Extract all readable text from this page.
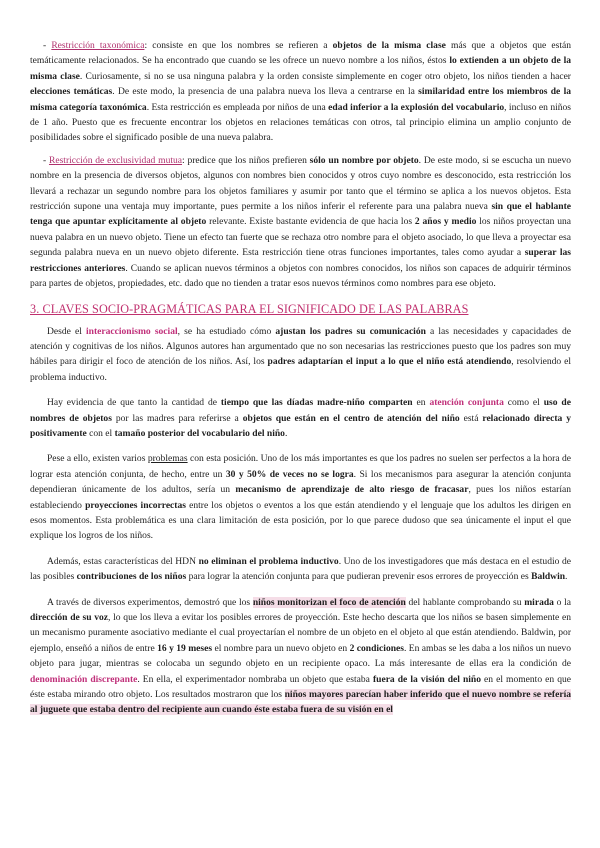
- Restricción taxonómica: consiste en que los nombres se refieren a objetos de la misma clase más que a objetos que están temáticamente relacionados. Se ha encontrado que cuando se les ofrece un nuevo nombre a los niños, éstos lo extienden a un objeto de la misma clase. Curiosamente, si no se usa ninguna palabra y la orden consiste simplemente en coger otro objeto, los niños tienden a hacer elecciones temáticas. De este modo, la presencia de una palabra nueva los lleva a centrarse en la similaridad entre los miembros de la misma categoría taxonómica. Esta restricción es empleada por niños de una edad inferior a la explosión del vocabulario, incluso en niños de 1 año. Puesto que es frecuente encontrar los objetos en relaciones temáticas con otros, tal principio elimina un amplio conjunto de posibilidades sobre el significado posible de una nueva palabra.

- Restricción de exclusividad mutua: predice que los niños prefieren sólo un nombre por objeto. De este modo, si se escucha un nuevo nombre en la presencia de diversos objetos, algunos con nombres bien conocidos y otros cuyo nombre es desconocido, esta restricción los llevará a rechazar un segundo nombre para los objetos familiares y asumir por tanto que el término se aplica a los nuevos objetos. Esta restricción supone una ventaja muy importante, pues permite a los niños inferir el referente para una palabra nueva sin que el hablante tenga que apuntar explícitamente al objeto relevante. Existe bastante evidencia de que hacia los 2 años y medio los niños proyectan una nueva palabra en un nuevo objeto. Tiene un efecto tan fuerte que se rechaza otro nombre para el objeto asociado, lo que lleva a proyectar esa segunda palabra nueva en un nuevo objeto diferente. Esta restricción tiene otras funciones importantes, tales como ayudar a superar las restricciones anteriores. Cuando se aplican nuevos términos a objetos con nombres conocidos, los niños son capaces de adquirir términos para partes de objetos, propiedades, etc. dado que no tienden a tratar esos nuevos términos como nombres para ese objeto.

3. CLAVES SOCIO-PRAGMÁTICAS PARA EL SIGNIFICADO DE LAS PALABRAS

Desde el interaccionismo social, se ha estudiado cómo ajustan los padres su comunicación a las necesidades y capacidades de atención y cognitivas de los niños. Algunos autores han argumentado que no son necesarias las restricciones puesto que los padres son muy hábiles para dirigir el foco de atención de los niños. Así, los padres adaptarían el input a lo que el niño está atendiendo, resolviendo el problema inductivo.

Hay evidencia de que tanto la cantidad de tiempo que las díadas madre-niño comparten en atención conjunta como el uso de nombres de objetos por las madres para referirse a objetos que están en el centro de atención del niño está relacionado directa y positivamente con el tamaño posterior del vocabulario del niño.

Pese a ello, existen varios problemas con esta posición. Uno de los más importantes es que los padres no suelen ser perfectos a la hora de lograr esta atención conjunta, de hecho, entre un 30 y 50% de veces no se logra. Si los mecanismos para asegurar la atención conjunta dependieran únicamente de los adultos, sería un mecanismo de aprendizaje de alto riesgo de fracasar, pues los niños estarían estableciendo proyecciones incorrectas entre los objetos o eventos a los que están atendiendo y el lenguaje que los adultos les dirigen en esos momentos. Esta problemática es una clara limitación de esta posición, por lo que parece dudoso que sea únicamente el input el que explique los logros de los niños.

Además, estas características del HDN no eliminan el problema inductivo. Uno de los investigadores que más destaca en el estudio de las posibles contribuciones de los niños para lograr la atención conjunta para que pudieran prevenir esos errores de proyección es Baldwin.

A través de diversos experimentos, demostró que los niños monitorizan el foco de atención del hablante comprobando su mirada o la dirección de su voz, lo que los lleva a evitar los posibles errores de proyección. Este hecho descarta que los niños se basen simplemente en un mecanismo puramente asociativo mediante el cual proyectarían el nombre de un objeto en el objeto al que están atendiendo. Baldwin, por ejemplo, enseñó a niños de entre 16 y 19 meses el nombre para un nuevo objeto en 2 condiciones. En ambas se les daba a los niños un nuevo objeto para jugar, mientras se colocaba un segundo objeto en un recipiente opaco. La más interesante de ellas era la condición de denominación discrepante. En ella, el experimentador nombraba un objeto que estaba fuera de la visión del niño en el momento en que éste estaba mirando otro objeto. Los resultados mostraron que los niños mayores parecían haber inferido que el nuevo nombre se refería al juguete que estaba dentro del recipiente aun cuando éste estaba fuera de su visión en el
